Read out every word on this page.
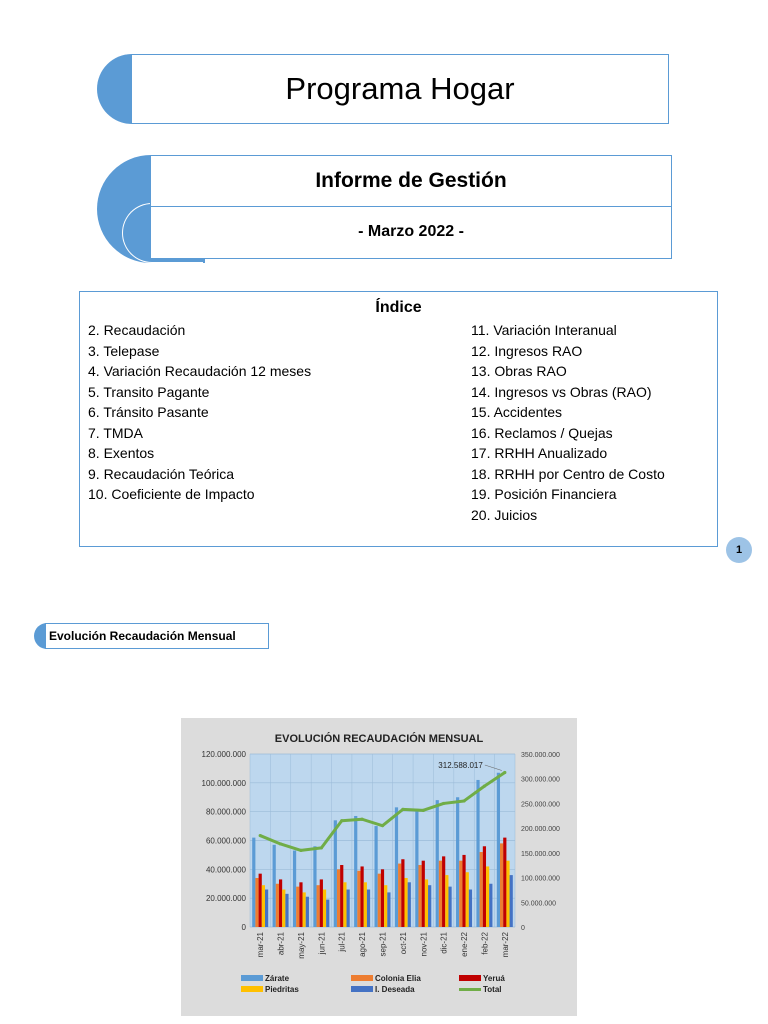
Programa Hogar
Informe de Gestión
- Marzo 2022 -
Índice
2. Recaudación
3. Telepase
4. Variación Recaudación 12 meses
5. Transito Pagante
6. Tránsito Pasante
7. TMDA
8. Exentos
9. Recaudación Teórica
10. Coeficiente de Impacto
11. Variación Interanual
12. Ingresos RAO
13. Obras RAO
14. Ingresos vs Obras (RAO)
15. Accidentes
16. Reclamos / Quejas
17. RRHH Anualizado
18. RRHH por Centro de Costo
19. Posición Financiera
20. Juicios
1
Evolución Recaudación Mensual
EVOLUCIÓN RECAUDACIÓN MENSUAL
120.000.000
100.000.000
80.000.000
60.000.000
40.000.000
20.000.000
0
350.000.000
300.000.000
250.000.000
200.000.000
150.000.000
100.000.000
50.000.000
0
mar-21 abr-21 may-21 jun-21 jul-21 ago-21 sep-21 oct-21 nov-21 dic-21 ene-22 feb-22 mar-22
312.588.017
Zárate	Colonia Elia	Yeruá
Piedritas	I. Deseada	Total
